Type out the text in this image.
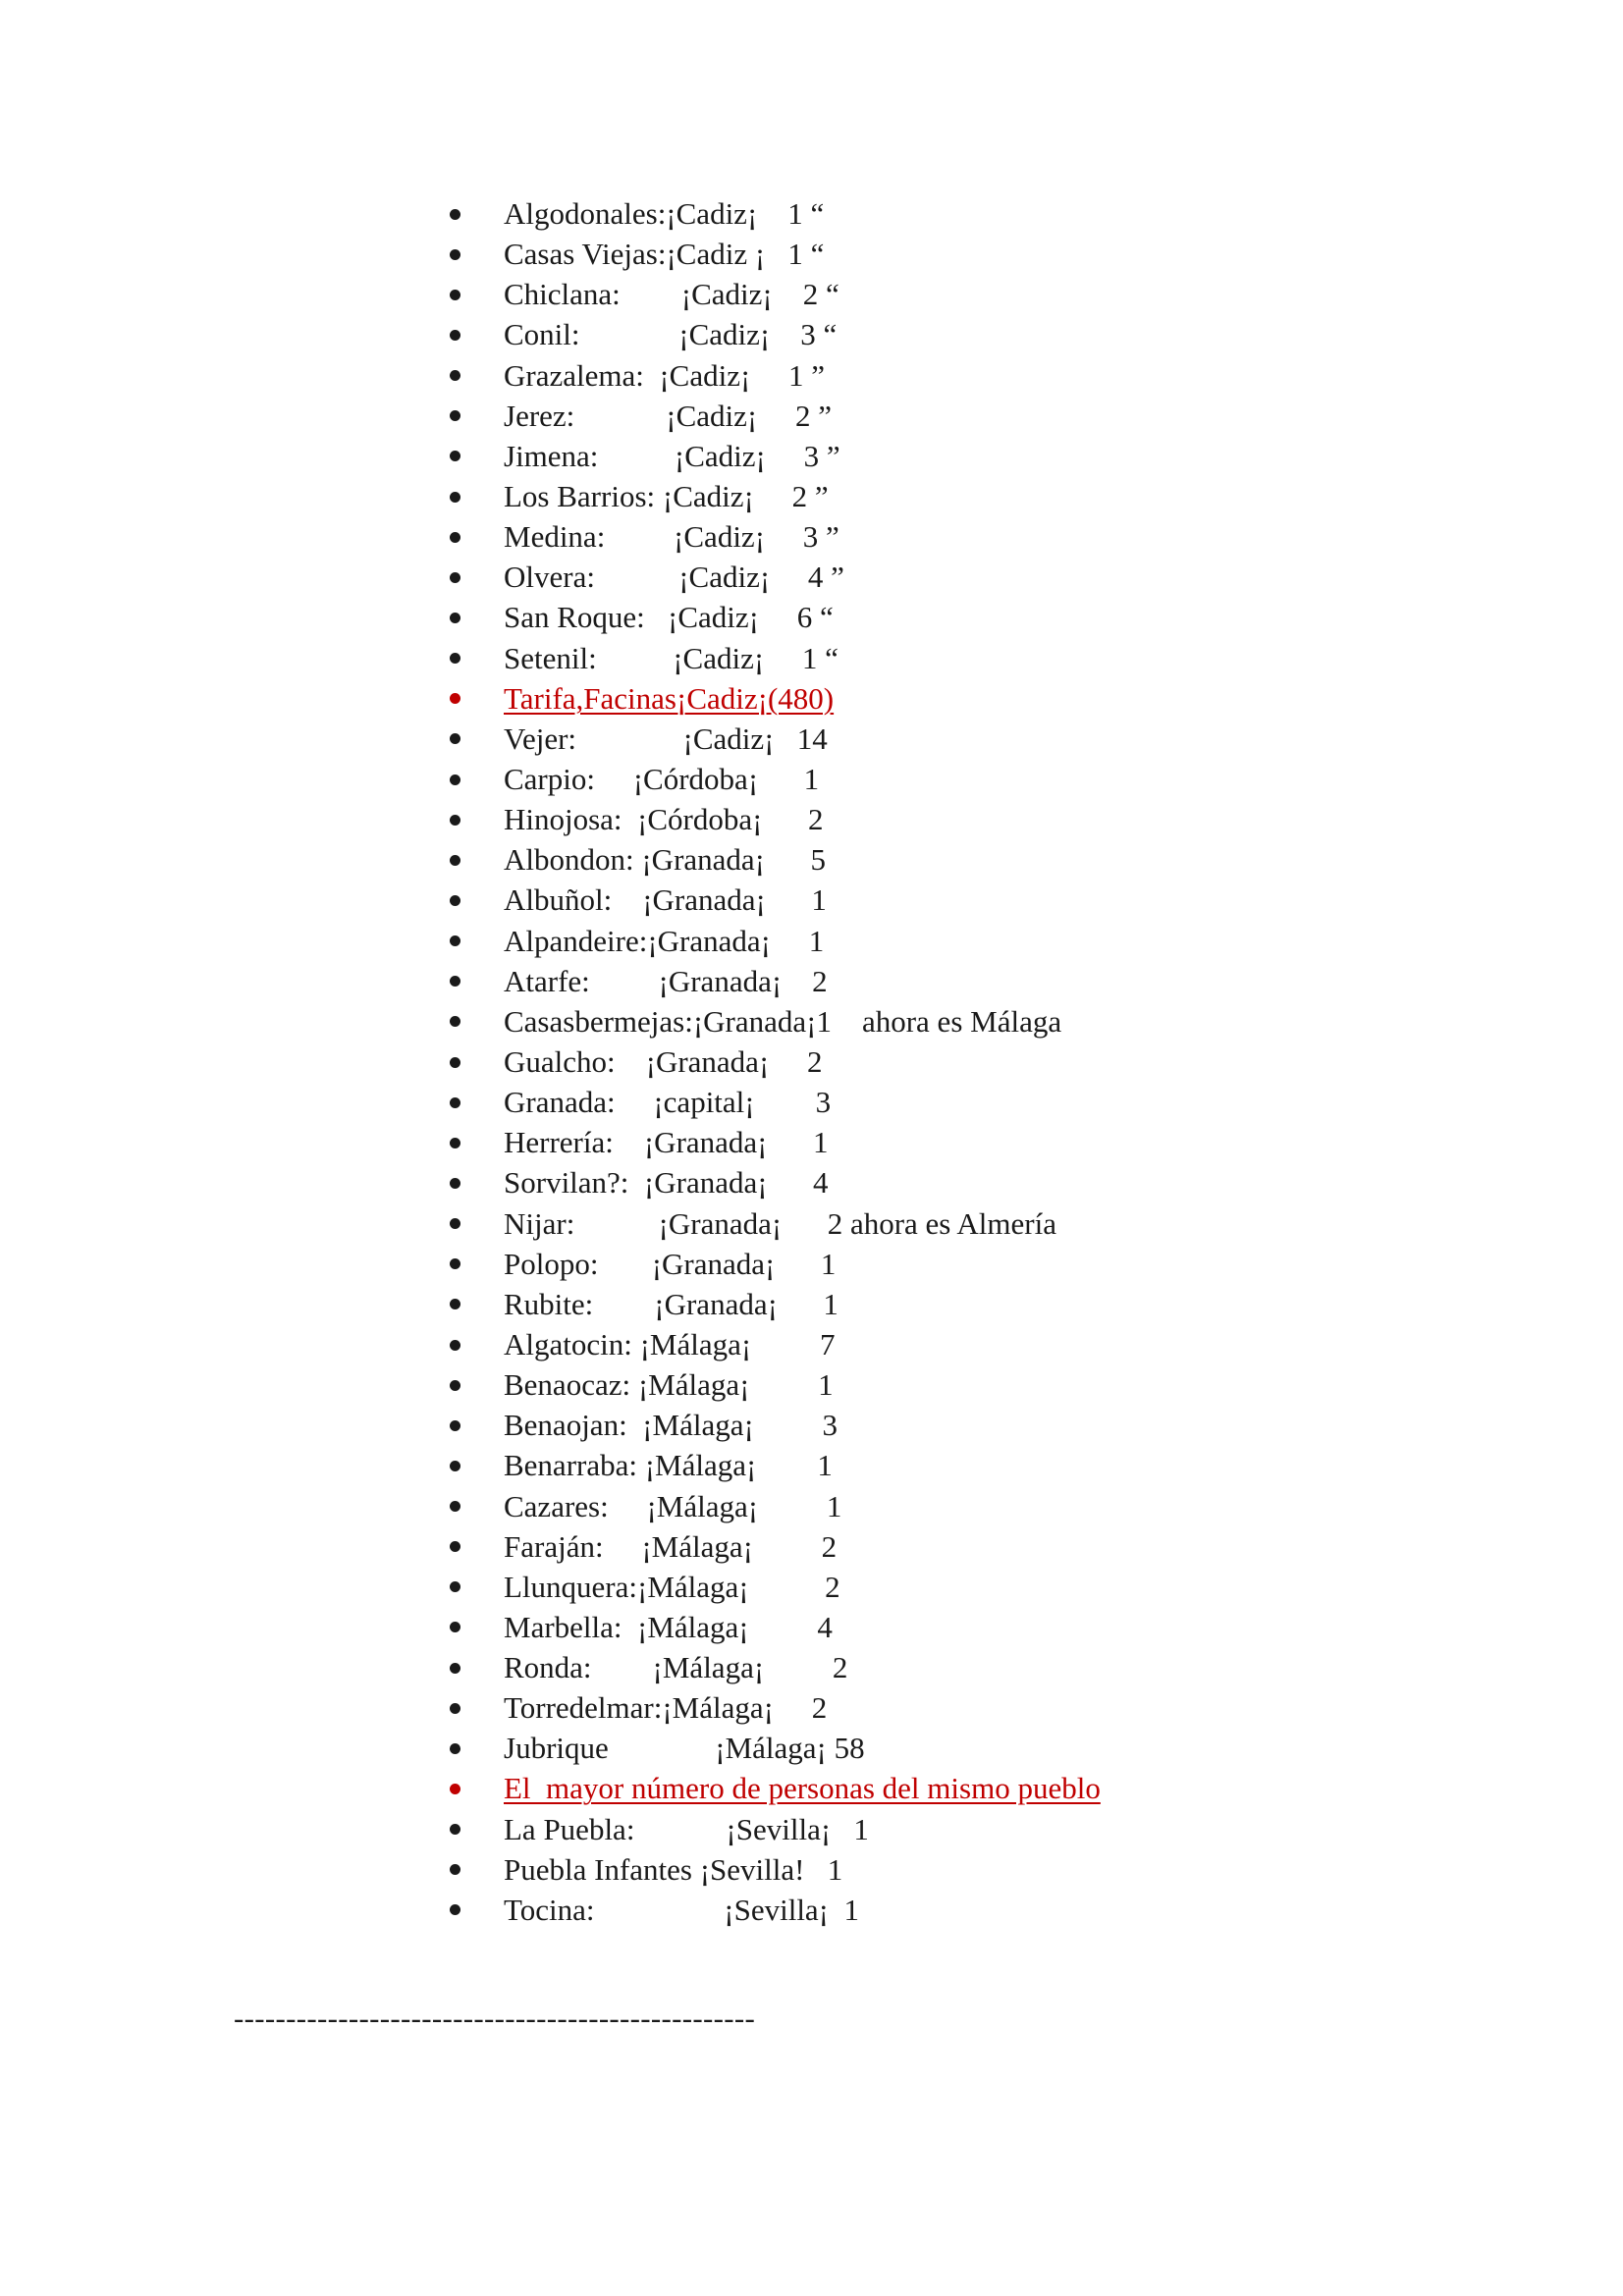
Algodonales:¡Cadiz¡    1 “
Casas Viejas:¡Cadiz ¡   1 “
Chiclana:        ¡Cadiz¡    2 “
Conil:             ¡Cadiz¡    3 “
Grazalema:  ¡Cadiz¡     1 ”
Jerez:            ¡Cadiz¡     2 ”
Jimena:          ¡Cadiz¡     3 ”
Los Barrios: ¡Cadiz¡     2 ”
Medina:         ¡Cadiz¡     3 ”
Olvera:           ¡Cadiz¡     4 ”
San Roque:   ¡Cadiz¡     6 “
Setenil:          ¡Cadiz¡     1 “
Tarifa,Facinas¡Cadiz¡(480)
Vejer:              ¡Cadiz¡   14
Carpio:     ¡Córdoba¡      1
Hinojosa:  ¡Córdoba¡      2
Albondon: ¡Granada¡      5
Albuñol:    ¡Granada¡      1
Alpandeire:¡Granada¡     1
Atarfe:         ¡Granada¡    2
Casasbermejas:¡Granada¡1    ahora es Málaga
Gualcho:    ¡Granada¡     2
Granada:     ¡capital¡        3
Herrería:    ¡Granada¡      1
Sorvilan?:  ¡Granada¡      4
Nijar:           ¡Granada¡      2 ahora es Almería
Polopo:       ¡Granada¡      1
Rubite:        ¡Granada¡      1
Algatocin: ¡Málaga¡         7
Benaocaz: ¡Málaga¡         1
Benaojan:  ¡Málaga¡         3
Benarraba: ¡Málaga¡        1
Cazares:     ¡Málaga¡         1
Faraján:     ¡Málaga¡         2
Llunquera:¡Málaga¡          2
Marbella:  ¡Málaga¡         4
Ronda:        ¡Málaga¡         2
Torredelmar:¡Málaga¡     2
Jubrique              ¡Málaga¡ 58
El  mayor número de personas del mismo pueblo
La Puebla:            ¡Sevilla¡   1
Puebla Infantes ¡Sevilla!   1
Tocina:                 ¡Sevilla¡  1
--------------------------------------------------
